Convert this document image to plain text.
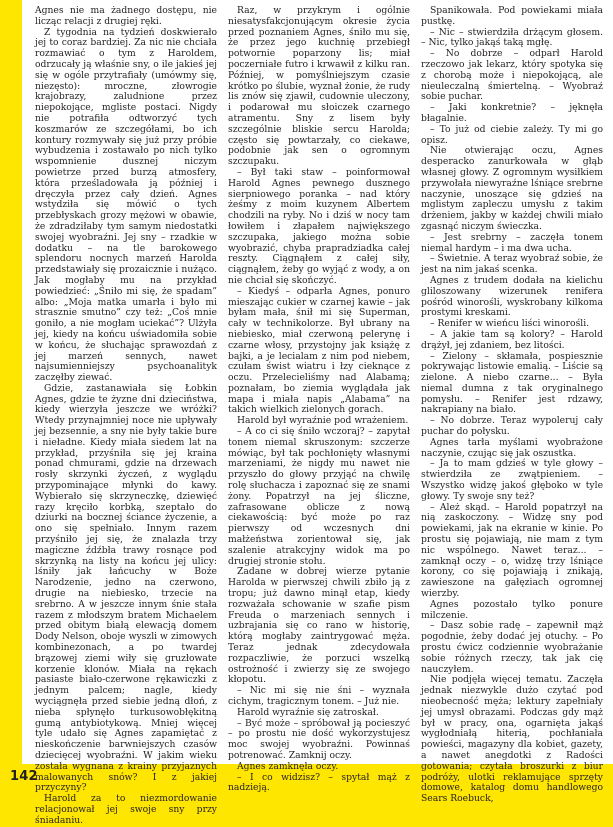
Agnes nie ma żadnego dostępu, nie licząc relacji z drugiej ręki.

Z tygodnia na tydzień doskwierało jej to coraz bardziej. Za nic nie chciała rozmawiać o tym z Haroldem, odrzucały ją właśnie sny, o ile jakieś jej się w ogóle przytrafiały (umówmy się, niezęsto): mroczne, złowrogie krajobrazy, zaludnione przez niepokojące, mgliste postaci. Nigdy nie potrafiła odtworzyć tych koszmarów ze szczegółami, bo ich kontury rozmywały się już przy próbie wybudzenia i zostawało po nich tylko wspomnienie dusznej niczym powietrze przed burzą atmosfery, która prześladowała ją później i dręczyła przez cały dzień. Agnes wstydziła się mówić o tych przebłyskach grozy mężowi w obawie, że zdradziłaby tym samym niedostatki swojej wyobraźni. Jej sny – rzadkie w dodatku – na tle barokowego splendoru nocnych marzeń Harolda przedstawiały się prozaicznie i nużąco. Jak mogłaby mu na przykład powiedzieć: „Śniło mi się, że spadam” albo: „Moja matka umarła i było mi strasznie smutno” czy też: „Coś mnie goniło, a nie mogłam uciekać”? Ulżyła jej, kiedy na końcu uświadomiła sobie w końcu, że słuchając sprawozdań z jej marzeń sennych, nawet najsumienniejszy psychoanalityk zaczęłby ziewać.

Gdzie, zastanawiała się Łobkin Agnes, gdzie te żyzne dni dzieciństwa, kiedy wierzyła jeszcze we wróżki? Wtedy przynajmniej noce nie upływały jej bezsennie, a sny nie były takie bure i nieładne. Kiedy miała siedem lat na przykład, przyśniła się jej kraina ponad chmurami, gdzie na drzewach rosły skrzynki życzeń, z wyglądu przypominające młynki do kawy. Wybierało się skrzyneczkę, dziewięć razy kręciło korbką, szeptało do dziurki na bocznej ściance życzenie, a ono się spełniało. Innym razem przyśniło jej się, że znalazła trzy magiczne źdźbła trawy rosnące pod skrzynką na listy na końcu jej ulicy: lśniły jak łańcuchy w Boże Narodzenie, jedno na czerwono, drugie na niebiesko, trzecie na srebrno. A w jeszcze innym śnie stała razem z młodszym bratem Michaelem przed obitym białą elewacją domem Dody Nelson, oboje wyszli w zimowych kombinezonach, a po twardej brązowej ziemi wiły się gruzłowate korzenie klonów. Miała na rękach pasiaste biało-czerwone rękawiczki z jednym palcem; nagle, kiedy wyciągnęła przed siebie jedną dłoń, z nieba spłynęło turkusowobłękitną gumą antybiotykową. Mniej więcej tyle udało się Agnes zapamiętać z nieskończenie barwniejszych czasów dziecięcej wyobraźni. W jakim wieku została wygnana z krainy przyjaznych malowanych snów? I z jakiej przyczyny?

Harold za to niezmordowanie relacjonował jej swoje sny przy śniadaniu.

Raz, w przykrym i ogólnie niesatysfakcjonującym okresie życia przed poznaniem Agnes, śniło mu się, że przez jego kuchnię przebiegł potwornie poparzony lis; miał poczerniałe futro i krwawił z kilku ran. Później, w pomyślniejszym czasie krótko po ślubie, wyznał żonie, że rudy lis znów się zjawił, cudownie uleczony, i podarował mu słoiczek czarnego atramentu. Sny z lisem były szczególnie bliskie sercu Harolda; często się powtarzały, co ciekawe, podobnie jak sen o ogromnym szczupaku.

– Był taki staw – poinformował Harold Agnes pewnego dusznego sierpniowego poranka – nad który żeśmy z moim kuzynem Albertem chodzili na ryby. No i dziś w nocy tam łowiłem i złapałem największego szczupaka, jakiego można sobie wyobrazić, chyba prapradziadka całej reszty. Ciągnąłem z całej siły, ciągnąłem, żeby go wyjąć z wody, a on nie chciał się skończyć.

– Kiedyś – odparła Agnes, ponuro mieszając cukier w czarnej kawie – jak byłam mała, śnił mi się Superman, cały w technikolorze. Był ubrany na niebiesko, miał czerwoną pelerynę i czarne włosy, przystojny jak książę z bajki, a je lecialam z nim pod niebem, czułam świst wiatru i łzy cieknące z oczu. Przelecieliśmy nad Alabamą; poznałam, bo ziemia wyglądała jak mapa i miała napis „Alabama” na takich wielkich zielonych gorach.

Harold był wyraźnie pod wrażeniem.

– A co ci się śniło wczoraj? – zapytał tonem niemal skruszonym: szczerze mówiąc, był tak pochłonięty własnymi marzeniami, że nigdy mu nawet nie przyszło do głowy przyjąć na chwilę rolę słuchacza i zapoznać się ze snami żony. Popatrzył na jej śliczne, zafrasowane oblicze z nową ciekawością: być może po raz pierwszy od wczesnych dni małżeństwa zorientował się, jak szalenie atrakcyjny widok ma po drugiej stronie stołu.

Zadane w dobrej wierze pytanie Harolda w pierwszej chwili zbiło ją z tropu; już dawno minął etap, kiedy rozważała schowanie w szafie pism Freuda o marzeniach sennych i uzbrajania się co rano w historię, którą mogłaby zaintrygować męża. Teraz jednak zdecydowała rozpaczliwie, że porzuci wszelką ostrożność i zwierzy się ze swojego kłopotu.

– Nic mi się nie śni – wyznała cichym, tragicznym tonem. – Już nie.

Harold wyraźnie się zatroskał.

– Być może – spróbował ją pocieszyć – po prostu nie dość wykorzystujesz moc swojej wyobraźni. Powinnaś potrenować. Zamknij oczy.

Agnes zamknęła oczy.

– I co widzisz? – spytał mąż z nadzieją.

Spanikowała. Pod powiekami miała pustkę.

– Nic – stwierdziła drżącym głosem. – Nic, tylko jakąś taką mgłę.

– No dobrze – odparł Harold rzeczowo jak lekarz, który spotyka się z chorobą może i niepokojącą, ale nieuleczalną śmiertelną. – Wyobraź sobie puchar.

– Jaki konkretnie? – jęknęła błagalnie.

– To już od ciebie zależy. Ty mi go opisz.

Nie otwierając oczu, Agnes desperacko zanurkowała w głąb własnej głowy. Z ogromnym wysiłkiem przywołała niewyraźne lśniące srebrne naczynie, unoszące się gdzieś na mglistym zapleczu umysłu z takim drżeniem, jakby w każdej chwili miało zgasnąć niczym świeczka.

– Jest srebrny – zaczęła tonem niemal hardym – i ma dwa ucha.

– Świetnie. A teraz wyobraź sobie, że jest na nim jakaś scenka.

Agnes z trudem dodała na kielichu gliloszowany wizerunek renifera pośród winorośli, wyskrobany kilkoma prostymi kreskami.

– Renifer w wieńcu liści winorośli.

– A jakie tam są kolory? – Harold drążył, jej zdaniem, bez litości.

– Zielony – skłamała, pospiesznie pokrywając listowie emalią. – Liście są zielone. A niebo czarne... – Była niemal dumna z tak oryginalnego pomysłu. – Renifer jest rdzawy, nakrapiany na biało.

– No dobrze. Teraz wypoleruj cały puchar do połysku.

Agnes tarła myślami wyobrażone naczynie, czując się jak oszustka.

– Ja to mam gdzieś w tyle głowy – stwierdziła ze zwątpieniem. – Wszystko widzę jakoś głęboko w tyle głowy. Ty swoje sny też?

– Ależ skąd. – Harold popatrzył na nią zaskoczony. – Widzę sny pod powiekami, jak na ekranie w kinie. Po prostu się pojawiają, nie mam z tym nic wspólnego. Nawet teraz... – zamknął oczy – o, widzę trzy lśniące korony, co się pojawiają i znikają, zawieszone na gałęziach ogromnej wierzby.

Agnes pozostało tylko ponure milczenie.

– Dasz sobie radę – zapewnił mąż pogodnie, żeby dodać jej otuchy. – Po prostu ćwicz codziennie wyobrażanie sobie różnych rzeczy, tak jak cię nauczyłem.

Nie podjęła więcej tematu. Zaczęła jednak niezwykle dużo czytać pod nieobecność męża; lektury zapełniały jej umysł obrazami. Podczas gdy mąż był w pracy, ona, ogarnięta jakąś wygłodniałą hiterią, pochłaniała powieści, magazyny dla kobiet, gazety, a nawet anegdotki z Radości gotowania; czytała broszurki z biur podróży, ulotki reklamujące sprzęty domowe, katalog domu handlowego Sears Roebuck,

142
